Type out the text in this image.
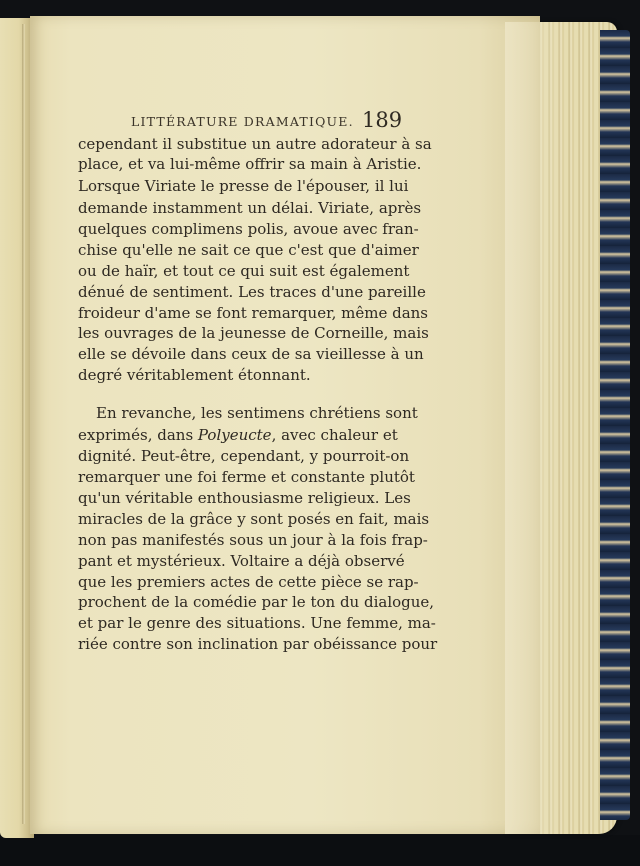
LITTÉRATURE DRAMATIQUE. 189
cependant il substitue un autre adorateur à sa
place, et va lui-même offrir sa main à Aristie.
Lorsque Viriate le presse de l'épouser, il lui
demande instamment un délai. Viriate, après
quelques complimens polis, avoue avec fran-
chise qu'elle ne sait ce que c'est que d'aimer
ou de haïr, et tout ce qui suit est également
dénué de sentiment. Les traces d'une pareille
froideur d'ame se font remarquer, même dans
les ouvrages de la jeunesse de Corneille, mais
elle se dévoile dans ceux de sa vieillesse à un
degré véritablement étonnant.
En revanche, les sentimens chrétiens sont
exprimés, dans Polyeucte, avec chaleur et
dignité. Peut-être, cependant, y pourroit-on
remarquer une foi ferme et constante plutôt
qu'un véritable enthousiasme religieux. Les
miracles de la grâce y sont posés en fait, mais
non pas manifestés sous un jour à la fois frap-
pant et mystérieux. Voltaire a déjà observé
que les premiers actes de cette pièce se rap-
prochent de la comédie par le ton du dialogue,
et par le genre des situations. Une femme, ma-
riée contre son inclination par obéissance pour
